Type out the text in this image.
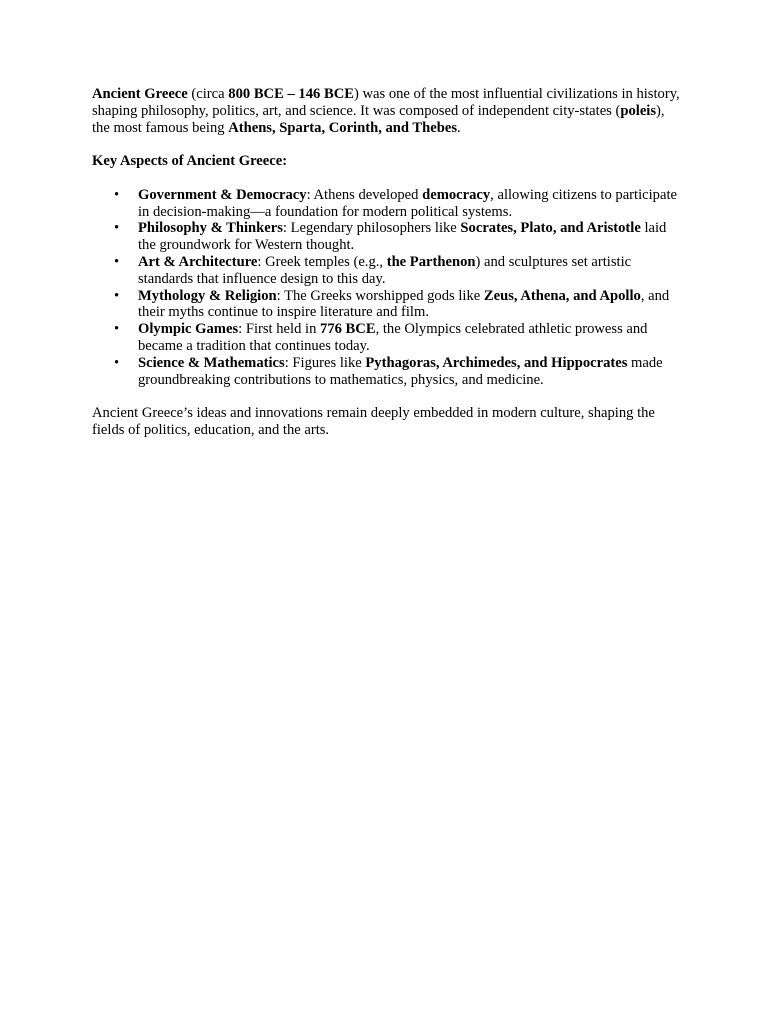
Ancient Greece (circa 800 BCE – 146 BCE) was one of the most influential civilizations in history, shaping philosophy, politics, art, and science. It was composed of independent city-states (poleis), the most famous being Athens, Sparta, Corinth, and Thebes.

Key Aspects of Ancient Greece:

• Government & Democracy: Athens developed democracy, allowing citizens to participate in decision-making—a foundation for modern political systems.
• Philosophy & Thinkers: Legendary philosophers like Socrates, Plato, and Aristotle laid the groundwork for Western thought.
• Art & Architecture: Greek temples (e.g., the Parthenon) and sculptures set artistic standards that influence design to this day.
• Mythology & Religion: The Greeks worshipped gods like Zeus, Athena, and Apollo, and their myths continue to inspire literature and film.
• Olympic Games: First held in 776 BCE, the Olympics celebrated athletic prowess and became a tradition that continues today.
• Science & Mathematics: Figures like Pythagoras, Archimedes, and Hippocrates made groundbreaking contributions to mathematics, physics, and medicine.

Ancient Greece’s ideas and innovations remain deeply embedded in modern culture, shaping the fields of politics, education, and the arts.
